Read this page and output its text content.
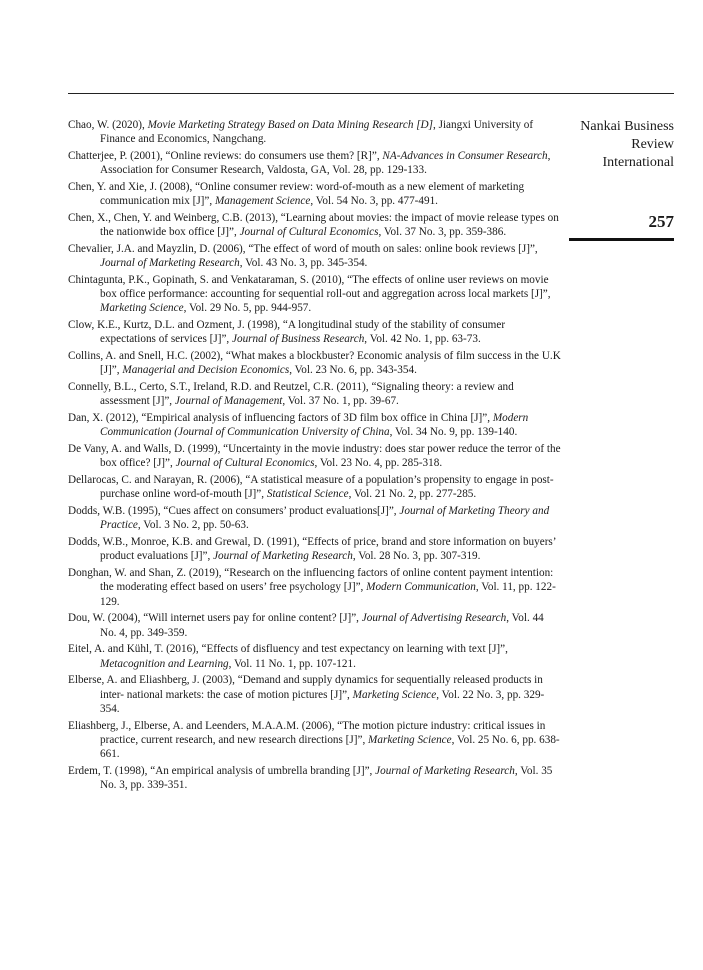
Nankai Business
Review
International
257

Chao, W. (2020), Movie Marketing Strategy Based on Data Mining Research [D], Jiangxi University of Finance and Economics, Nangchang.

Chatterjee, P. (2001), “Online reviews: do consumers use them? [R]”, NA-Advances in Consumer Research, Association for Consumer Research, Valdosta, GA, Vol. 28, pp. 129-133.

Chen, Y. and Xie, J. (2008), “Online consumer review: word-of-mouth as a new element of marketing communication mix [J]”, Management Science, Vol. 54 No. 3, pp. 477-491.

Chen, X., Chen, Y. and Weinberg, C.B. (2013), “Learning about movies: the impact of movie release types on the nationwide box office [J]”, Journal of Cultural Economics, Vol. 37 No. 3, pp. 359-386.

Chevalier, J.A. and Mayzlin, D. (2006), “The effect of word of mouth on sales: online book reviews [J]”, Journal of Marketing Research, Vol. 43 No. 3, pp. 345-354.

Chintagunta, P.K., Gopinath, S. and Venkataraman, S. (2010), “The effects of online user reviews on movie box office performance: accounting for sequential roll-out and aggregation across local markets [J]”, Marketing Science, Vol. 29 No. 5, pp. 944-957.

Clow, K.E., Kurtz, D.L. and Ozment, J. (1998), “A longitudinal study of the stability of consumer expectations of services [J]”, Journal of Business Research, Vol. 42 No. 1, pp. 63-73.

Collins, A. and Snell, H.C. (2002), “What makes a blockbuster? Economic analysis of film success in the U.K [J]”, Managerial and Decision Economics, Vol. 23 No. 6, pp. 343-354.

Connelly, B.L., Certo, S.T., Ireland, R.D. and Reutzel, C.R. (2011), “Signaling theory: a review and assessment [J]”, Journal of Management, Vol. 37 No. 1, pp. 39-67.

Dan, X. (2012), “Empirical analysis of influencing factors of 3D film box office in China [J]”, Modern Communication (Journal of Communication University of China, Vol. 34 No. 9, pp. 139-140.

De Vany, A. and Walls, D. (1999), “Uncertainty in the movie industry: does star power reduce the terror of the box office? [J]”, Journal of Cultural Economics, Vol. 23 No. 4, pp. 285-318.

Dellarocas, C. and Narayan, R. (2006), “A statistical measure of a population’s propensity to engage in post-purchase online word-of-mouth [J]”, Statistical Science, Vol. 21 No. 2, pp. 277-285.

Dodds, W.B. (1995), “Cues affect on consumers’ product evaluations[J]”, Journal of Marketing Theory and Practice, Vol. 3 No. 2, pp. 50-63.

Dodds, W.B., Monroe, K.B. and Grewal, D. (1991), “Effects of price, brand and store information on buyers’ product evaluations [J]”, Journal of Marketing Research, Vol. 28 No. 3, pp. 307-319.

Donghan, W. and Shan, Z. (2019), “Research on the influencing factors of online content payment intention: the moderating effect based on users’ free psychology [J]”, Modern Communication, Vol. 11, pp. 122-129.

Dou, W. (2004), “Will internet users pay for online content? [J]”, Journal of Advertising Research, Vol. 44 No. 4, pp. 349-359.

Eitel, A. and Kühl, T. (2016), “Effects of disfluency and test expectancy on learning with text [J]”, Metacognition and Learning, Vol. 11 No. 1, pp. 107-121.

Elberse, A. and Eliashberg, J. (2003), “Demand and supply dynamics for sequentially released products in inter- national markets: the case of motion pictures [J]”, Marketing Science, Vol. 22 No. 3, pp. 329-354.

Eliashberg, J., Elberse, A. and Leenders, M.A.A.M. (2006), “The motion picture industry: critical issues in practice, current research, and new research directions [J]”, Marketing Science, Vol. 25 No. 6, pp. 638-661.

Erdem, T. (1998), “An empirical analysis of umbrella branding [J]”, Journal of Marketing Research, Vol. 35 No. 3, pp. 339-351.
